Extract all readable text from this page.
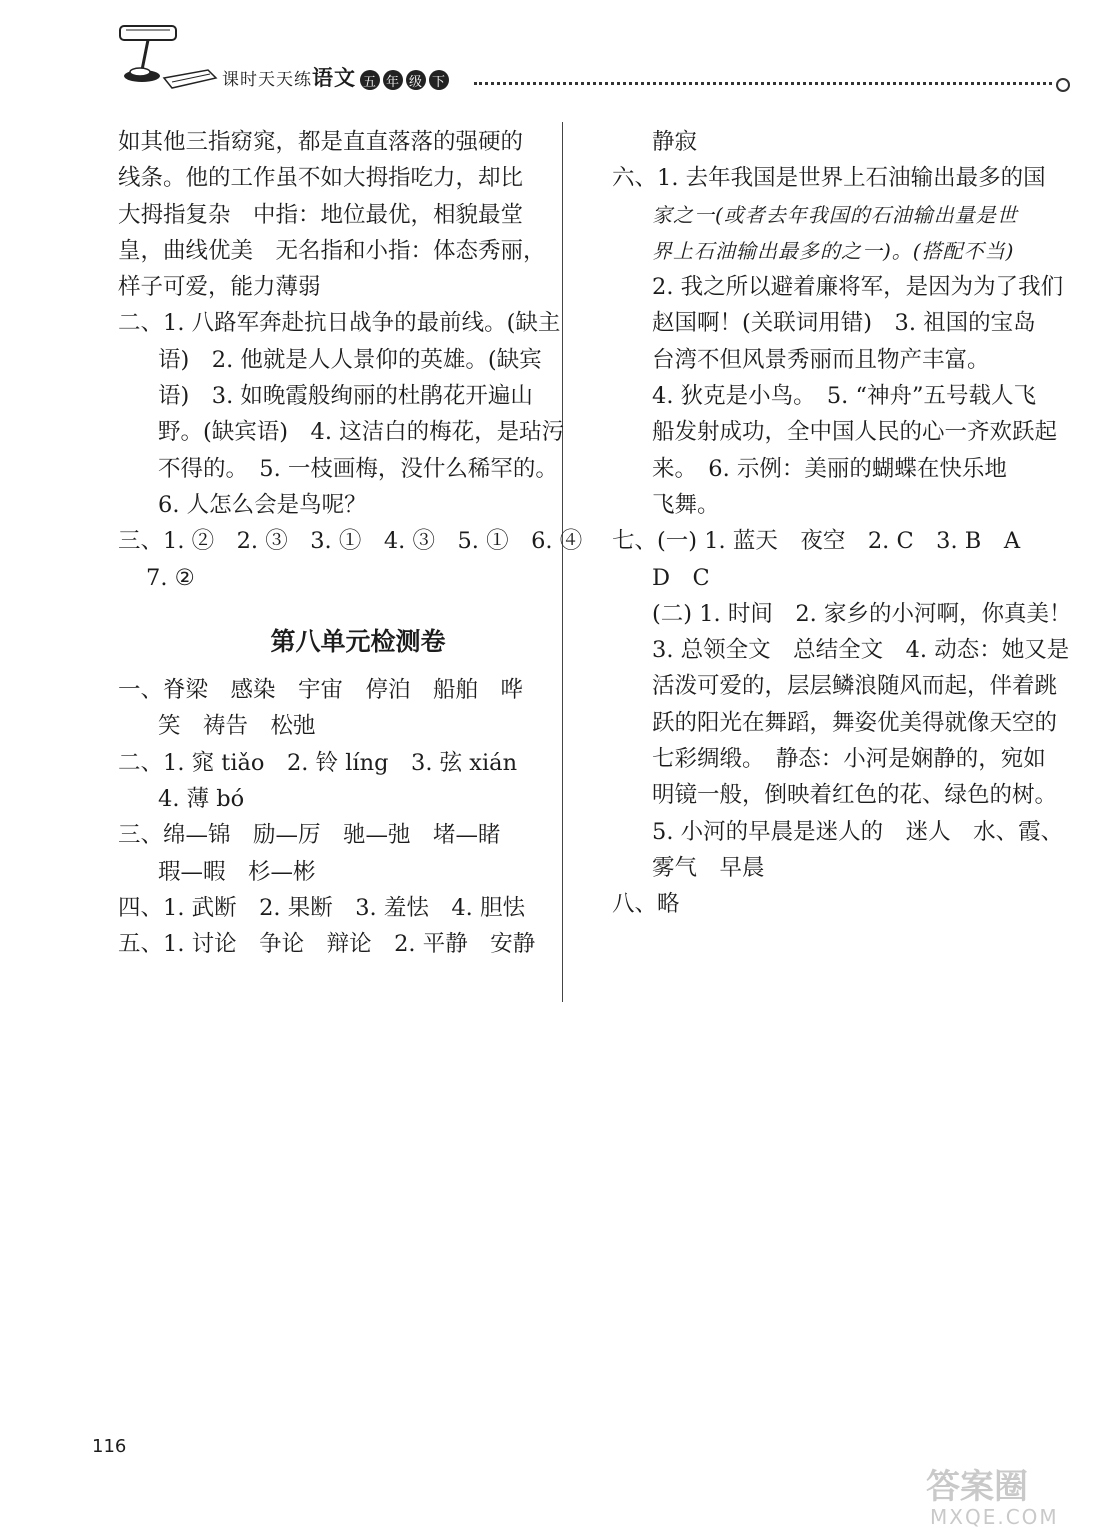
课时天天练语文 五 年 级 下

如其他三指窈窕，都是直直落落的强硬的

线条。他的工作虽不如大拇指吃力，却比

大拇指复杂　中指：地位最优，相貌最堂

皇，曲线优美　无名指和小指：体态秀丽，

样子可爱，能力薄弱

二、1. 八路军奔赴抗日战争的最前线。(缺主

语)　2. 他就是人人景仰的英雄。(缺宾

语)　3. 如晚霞般绚丽的杜鹃花开遍山

野。(缺宾语)　4. 这洁白的梅花，是玷污

不得的。　5. 一枝画梅，没什么稀罕的。

6. 人怎么会是鸟呢？

三、1. ②　2. ③　3. ①　4. ③　5. ①　6. ④

7. ②

第八单元检测卷

一、脊梁　感染　宇宙　停泊　船舶　哗

笑　祷告　松弛

二、1. 窕 tiǎo　2. 铃 líng　3. 弦 xián

4. 薄 bó

三、绵—锦　励—厉　驰—弛　堵—睹

瑕—暇　杉—彬

四、1. 武断　2. 果断　3. 羞怯　4. 胆怯

五、1. 讨论　争论　辩论　2. 平静　安静

静寂

六、1. 去年我国是世界上石油输出最多的国

家之一(或者去年我国的石油输出量是世

界上石油输出最多的之一)。(搭配不当)

2. 我之所以避着廉将军，是因为为了我们

赵国啊！(关联词用错)　3. 祖国的宝岛

台湾不但风景秀丽而且物产丰富。

4. 狄克是小鸟。　5. “神舟”五号载人飞

船发射成功，全中国人民的心一齐欢跃起

来。　6. 示例：美丽的蝴蝶在快乐地

飞舞。

七、(一) 1. 蓝天　夜空　2. C　3. B　A

D　C

(二) 1. 时间　2. 家乡的小河啊，你真美！

3. 总领全文　总结全文　4. 动态：她又是

活泼可爱的，层层鳞浪随风而起，伴着跳

跃的阳光在舞蹈，舞姿优美得就像天空的

七彩绸缎。　静态：小河是娴静的，宛如

明镜一般，倒映着红色的花、绿色的树。

5. 小河的早晨是迷人的　迷人　水、霞、

雾气　早晨

八、略

116
答案圈
MXQE.COM
